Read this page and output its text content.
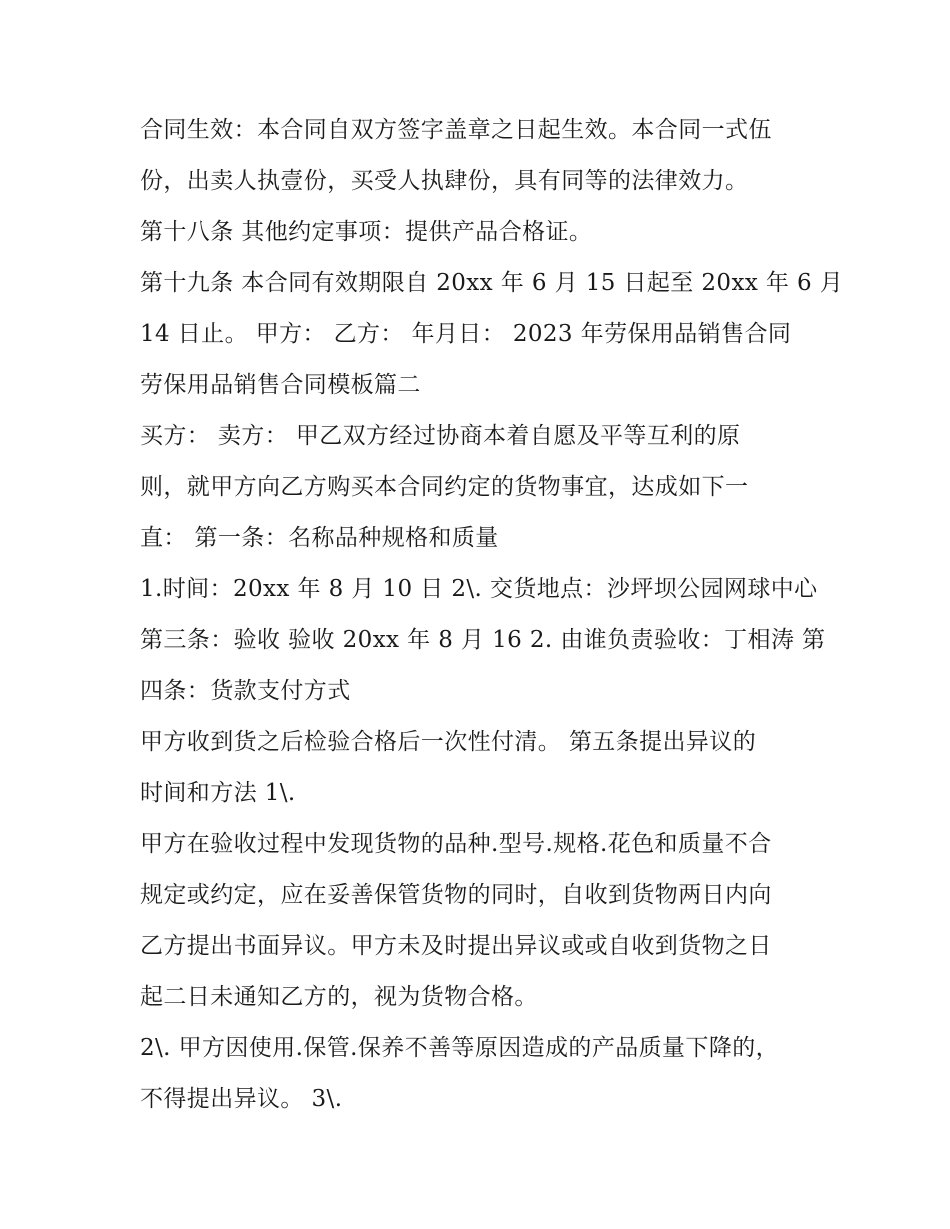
合同生效：本合同自双方签字盖章之日起生效。本合同一式伍
份，出卖人执壹份，买受人执肆份，具有同等的法律效力。
第十八条 其他约定事项：提供产品合格证。
第十九条 本合同有效期限自 20xx 年 6 月 15 日起至 20xx 年 6 月
14 日止。 甲方： 乙方： 年月日： 2023 年劳保用品销售合同
劳保用品销售合同模板篇二
买方： 卖方： 甲乙双方经过协商本着自愿及平等互利的原
则，就甲方向乙方购买本合同约定的货物事宜，达成如下一
直： 第一条：名称品种规格和质量
1.时间：20xx 年 8 月 10 日 2\. 交货地点：沙坪坝公园网球中心
第三条：验收 验收 20xx 年 8 月 16 2. 由谁负责验收：丁相涛 第
四条：货款支付方式
甲方收到货之后检验合格后一次性付清。 第五条提出异议的
时间和方法 1\.
甲方在验收过程中发现货物的品种.型号.规格.花色和质量不合
规定或约定，应在妥善保管货物的同时，自收到货物两日内向
乙方提出书面异议。甲方未及时提出异议或或自收到货物之日
起二日未通知乙方的，视为货物合格。
2\. 甲方因使用.保管.保养不善等原因造成的产品质量下降的，
不得提出异议。 3\.
